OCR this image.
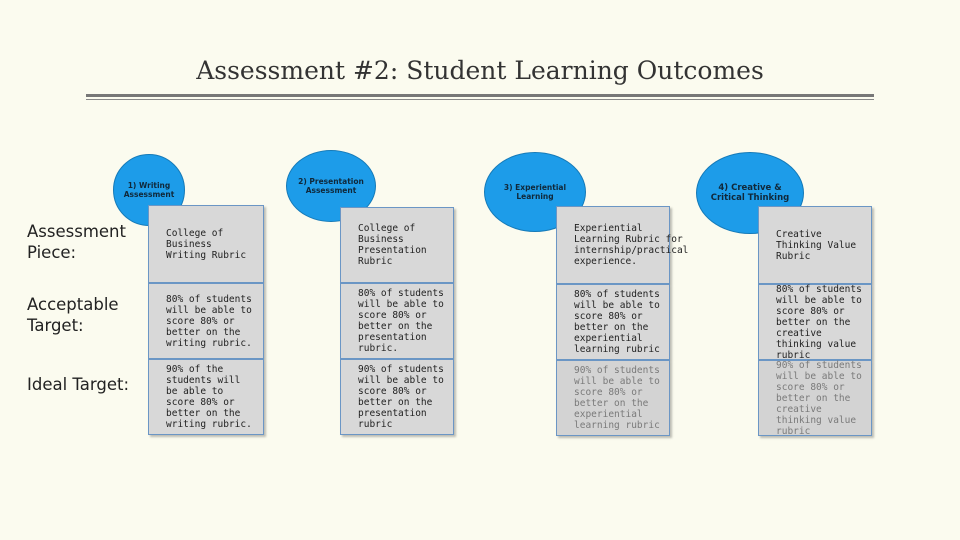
Assessment #2: Student Learning Outcomes
Assessment Piece:
Acceptable Target:
Ideal Target:
1) Writing Assessment
College of Business Writing Rubric
80% of students will be able to score 80% or better on the writing rubric.
90% of the students will be able to score 80% or better on the writing rubric.
2) Presentation Assessment
College of Business Presentation Rubric
80% of students will be able to score 80% or better on the presentation rubric.
90% of students will be able to score 80% or better on the presentation rubric
3) Experiential Learning
Experiential Learning Rubric for internship/practical experience.
80% of students will be able to score 80% or better on the experiential learning rubric
90% of students will be able to score 80% or better on the experiential learning rubric
4) Creative & Critical Thinking
Creative Thinking Value Rubric
80% of students will be able to score 80% or better on the creative thinking value rubric
90% of students will be able to score 80% or better on the creative thinking value rubric
